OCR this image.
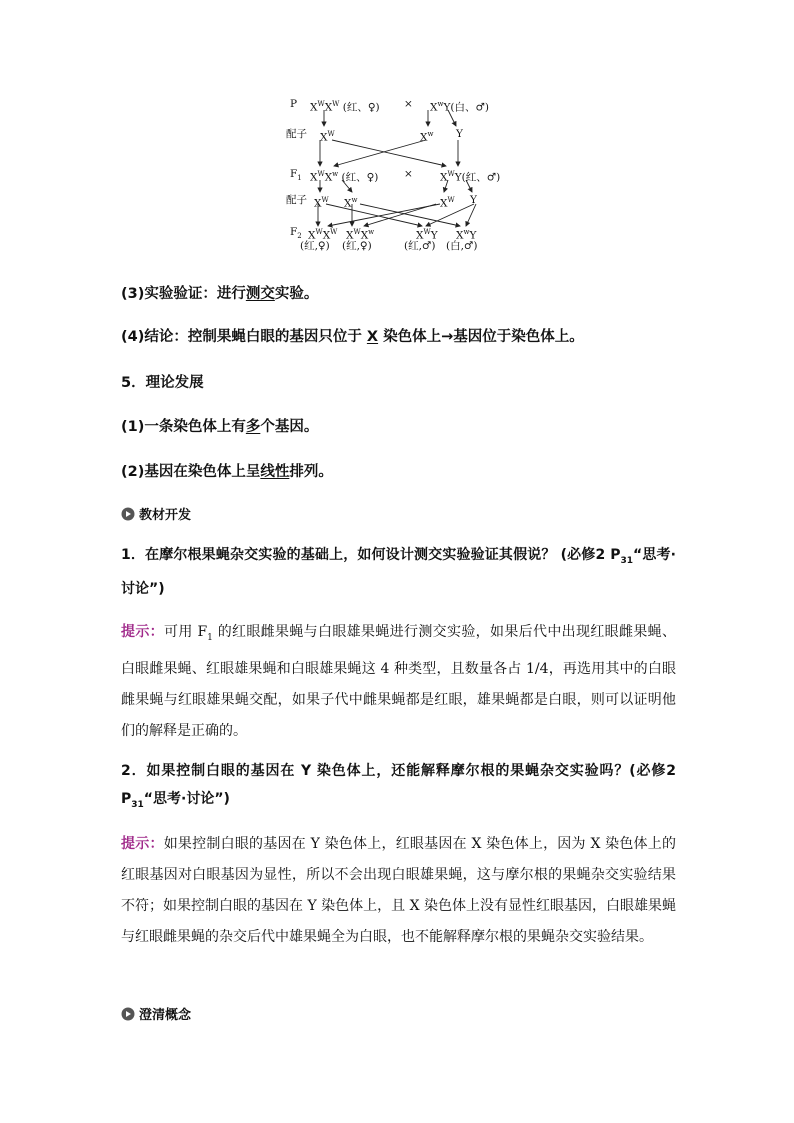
P $X^WX^W$ (红、♀) × $X^wY$(白、♂)
配子 $X^W$	$X^w$ Y
$F_1$ $X^WX^w$ (红、♀) ×	$X^WY$(红、♂)
配子 $X^W$ $X^w$	$X^W$ Y
$F_2$ $X^WX^W$ $X^WX^w$	$X^WY$ $X^wY$
(红,♀) (红,♀)	(红,♂) (白,♂)
(3)实验验证：进行测交实验。
(4)结论：控制果蝇白眼的基因只位于 X 染色体上→基因位于染色体上。
5．理论发展
(1)一条染色体上有多个基因。
(2)基因在染色体上呈线性排列。
教材开发
1．在摩尔根果蝇杂交实验的基础上，如何设计测交实验验证其假说？ (必修2 $P_{31}“$思考·讨论”)
提示：可用 $F_1$ 的红眼雌果蝇与白眼雄果蝇进行测交实验，如果后代中出现红眼雌果蝇、白眼雌果蝇、红眼雄果蝇和白眼雄果蝇这 4 种类型，且数量各占 1/4，再选用其中的白眼雌果蝇与红眼雄果蝇交配，如果子代中雌果蝇都是红眼，雄果蝇都是白眼，则可以证明他们的解释是正确的。
2．如果控制白眼的基因在 Y 染色体上，还能解释摩尔根的果蝇杂交实验吗？(必修2 $P_{31}“$思考·讨论”)
提示：如果控制白眼的基因在 Y 染色体上，红眼基因在 X 染色体上，因为 X 染色体上的红眼基因对白眼基因为显性，所以不会出现白眼雄果蝇，这与摩尔根的果蝇杂交实验结果不符；如果控制白眼的基因在 Y 染色体上，且 X 染色体上没有显性红眼基因，白眼雄果蝇与红眼雌果蝇的杂交后代中雄果蝇全为白眼，也不能解释摩尔根的果蝇杂交实验结果。
澄清概念
